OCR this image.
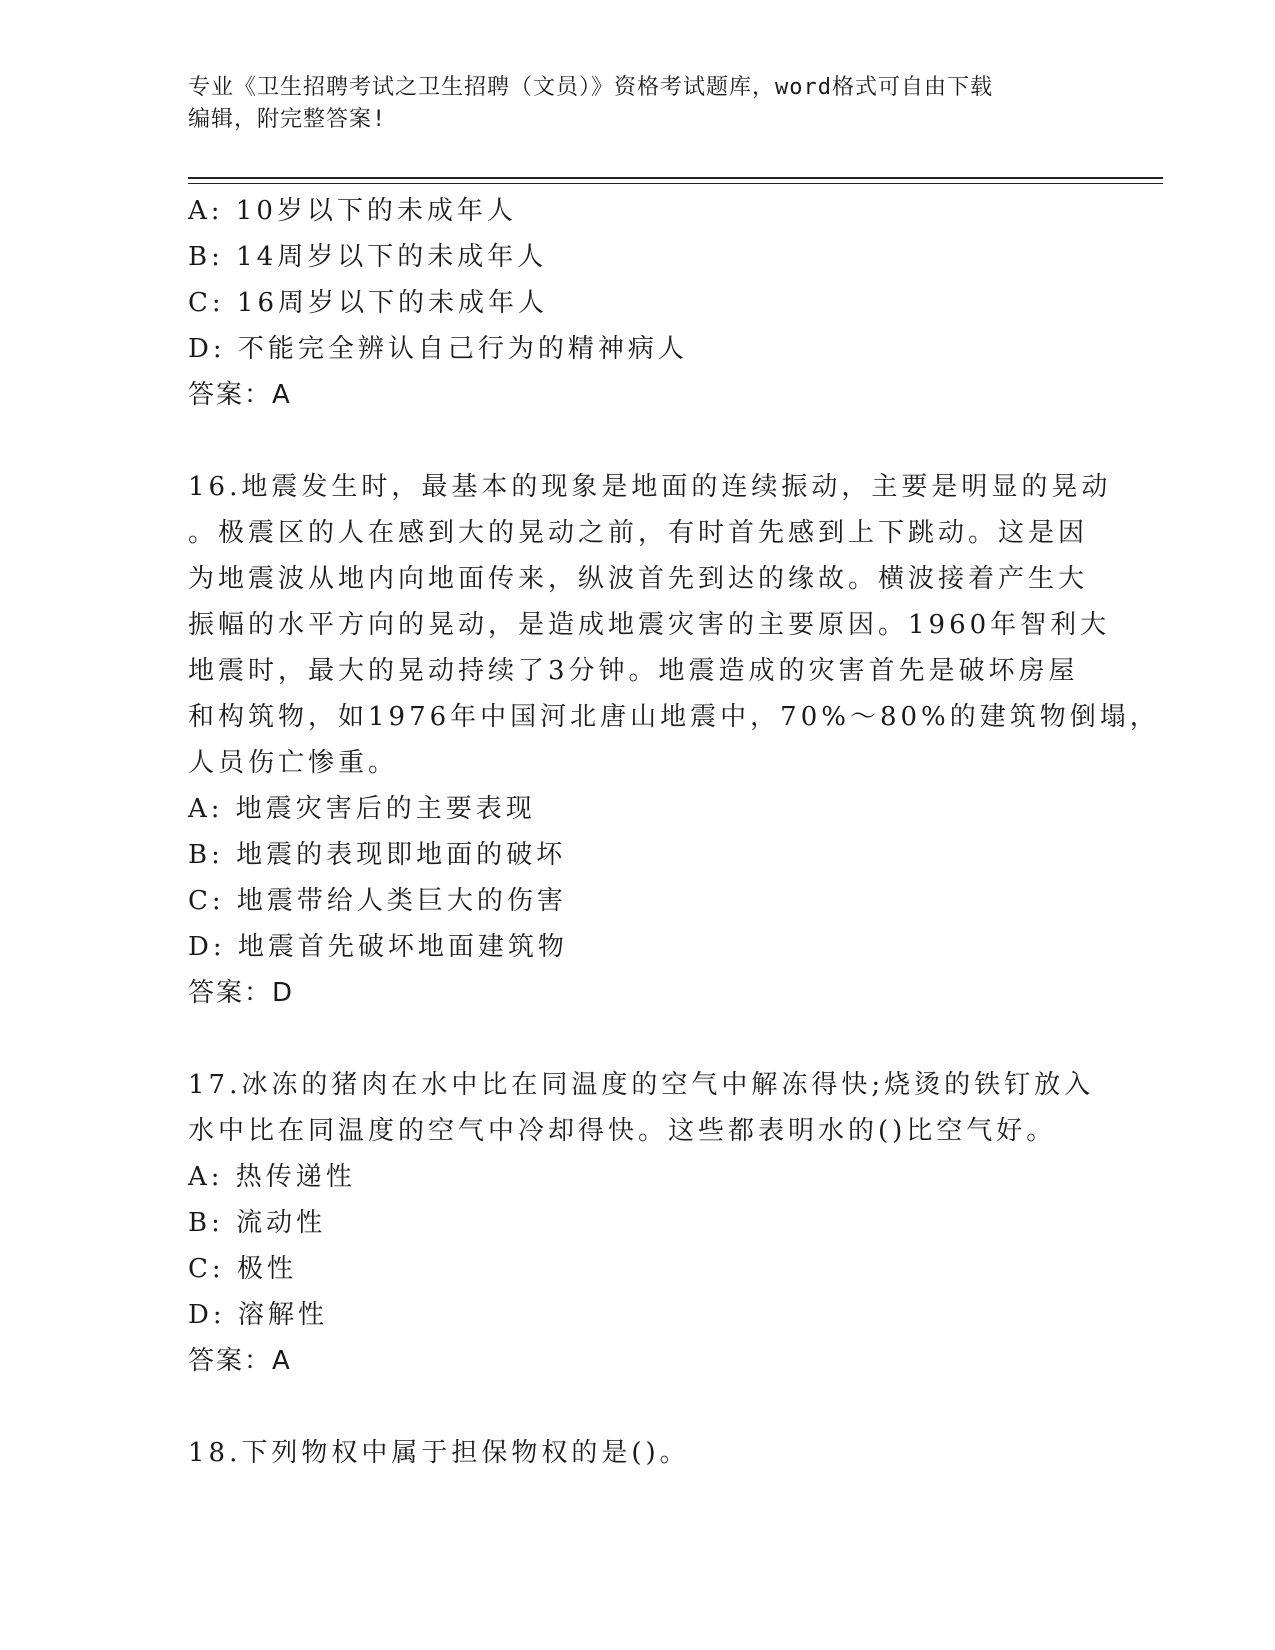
专业《卫生招聘考试之卫生招聘（文员）》资格考试题库，word格式可自由下载
编辑，附完整答案!
A: 10岁以下的未成年人
B: 14周岁以下的未成年人
C: 16周岁以下的未成年人
D: 不能完全辨认自己行为的精神病人
答案：A
16.地震发生时，最基本的现象是地面的连续振动，主要是明显的晃动
。极震区的人在感到大的晃动之前，有时首先感到上下跳动。这是因
为地震波从地内向地面传来，纵波首先到达的缘故。横波接着产生大
振幅的水平方向的晃动，是造成地震灾害的主要原因。1960年智利大
地震时，最大的晃动持续了3分钟。地震造成的灾害首先是破坏房屋
和构筑物，如1976年中国河北唐山地震中，70%～80%的建筑物倒塌，
人员伤亡惨重。
A: 地震灾害后的主要表现
B: 地震的表现即地面的破坏
C: 地震带给人类巨大的伤害
D: 地震首先破坏地面建筑物
答案：D
17.冰冻的猪肉在水中比在同温度的空气中解冻得快;烧烫的铁钉放入
水中比在同温度的空气中冷却得快。这些都表明水的()比空气好。
A: 热传递性
B: 流动性
C: 极性
D: 溶解性
答案：A
18.下列物权中属于担保物权的是()。
